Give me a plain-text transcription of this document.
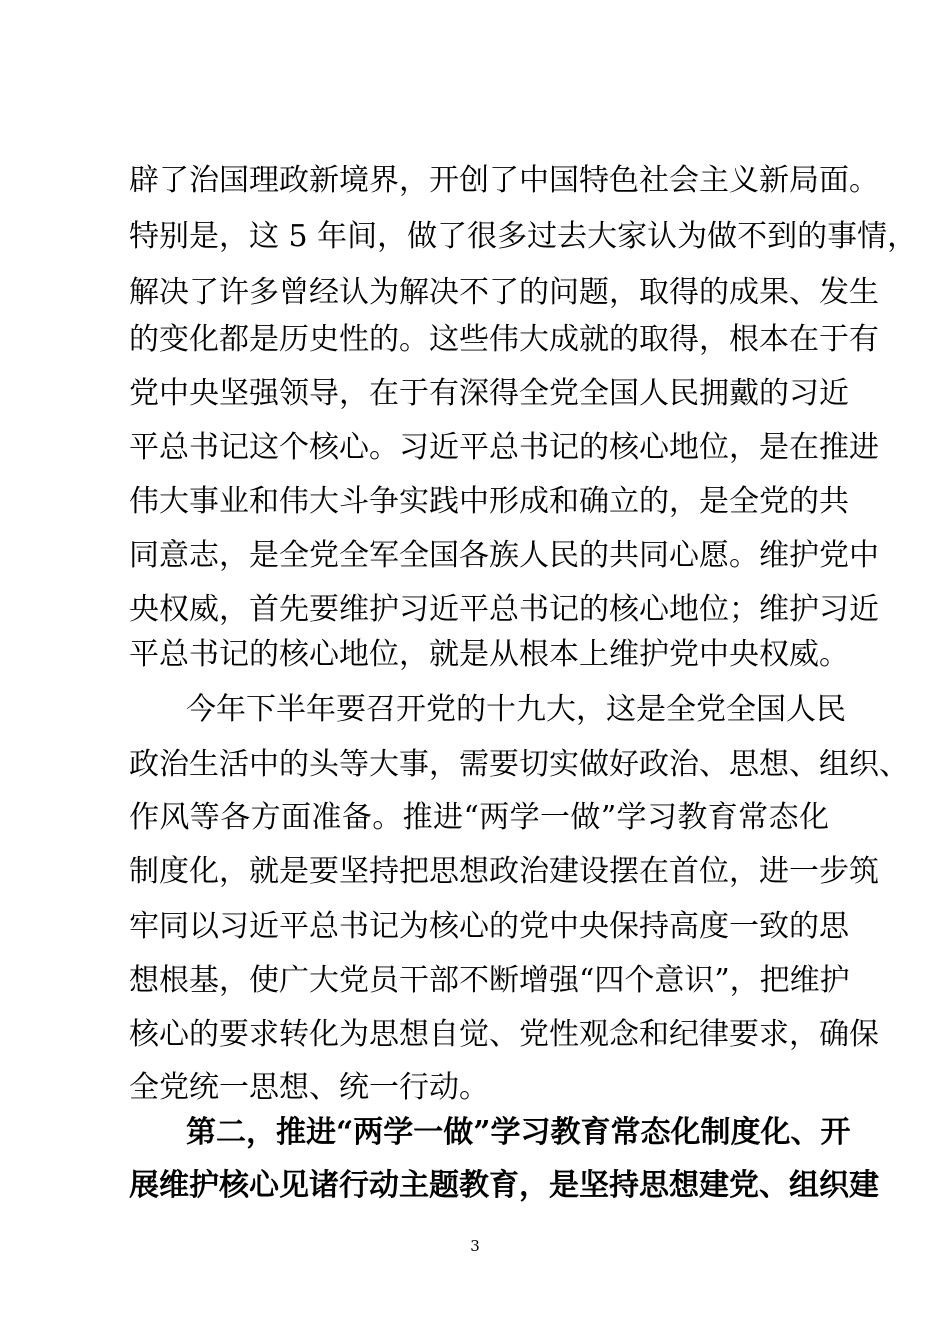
辟了治国理政新境界，开创了中国特色社会主义新局面。
特别是，这 5 年间，做了很多过去大家认为做不到的事情，
解决了许多曾经认为解决不了的问题，取得的成果、发生
的变化都是历史性的。这些伟大成就的取得，根本在于有
党中央坚强领导，在于有深得全党全国人民拥戴的习近
平总书记这个核心。习近平总书记的核心地位，是在推进
伟大事业和伟大斗争实践中形成和确立的，是全党的共
同意志，是全党全军全国各族人民的共同心愿。维护党中
央权威，首先要维护习近平总书记的核心地位；维护习近
平总书记的核心地位，就是从根本上维护党中央权威。
今年下半年要召开党的十九大，这是全党全国人民
政治生活中的头等大事，需要切实做好政治、思想、组织、
作风等各方面准备。推进“两学一做”学习教育常态化
制度化，就是要坚持把思想政治建设摆在首位，进一步筑
牢同以习近平总书记为核心的党中央保持高度一致的思
想根基，使广大党员干部不断增强“四个意识”，把维护
核心的要求转化为思想自觉、党性观念和纪律要求，确保
全党统一思想、统一行动。
第二，推进“两学一做”学习教育常态化制度化、开
展维护核心见诸行动主题教育，是坚持思想建党、组织建
3
